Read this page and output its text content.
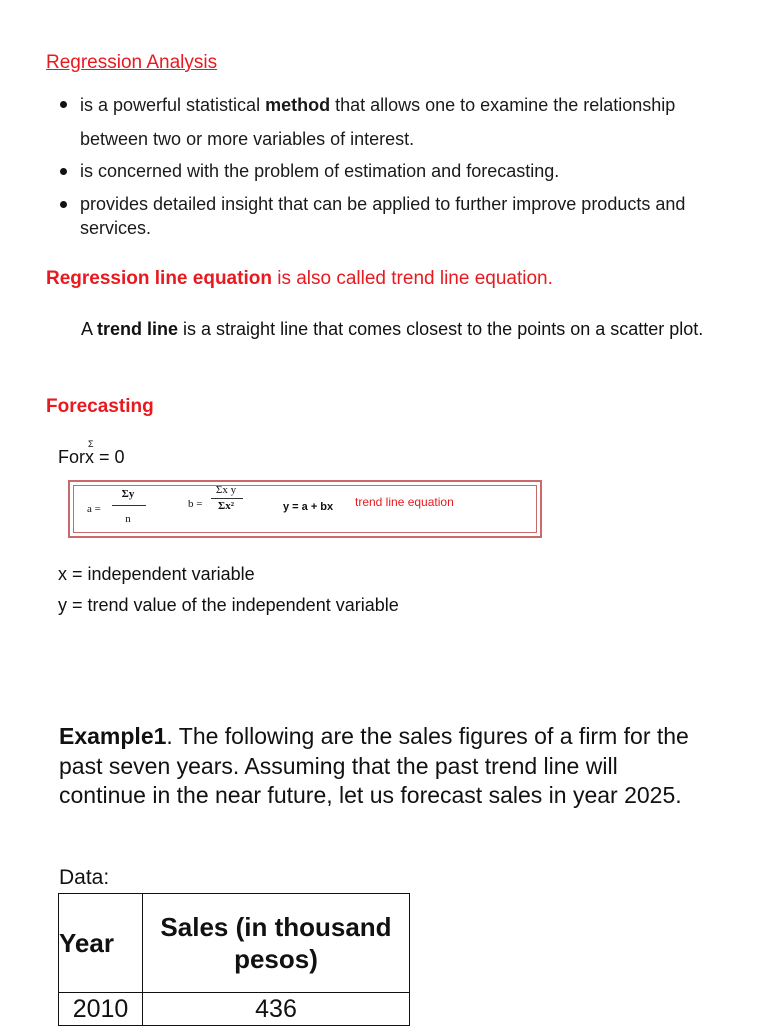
Regression Analysis
is a powerful statistical method that allows one to examine the relationship between two or more variables of interest.
is concerned with the problem of estimation and forecasting.
provides detailed insight that can be applied to further improve products and services.
Regression line equation is also called trend line equation.
A trend line is a straight line that comes closest to the points on a scatter plot.
Forecasting
For
Σ
x = 0
a =
Σy
n
b =
Σx y
Σx²	y = a + bx trend line equation
x = independent variable
y = trend value of the independent variable
Example1. The following are the sales figures of a firm for the past seven years. Assuming that the past trend line will continue in the near future, let us forecast sales in year 2025.
Data:
Year	Sales (in thousand pesos)
2010	436
